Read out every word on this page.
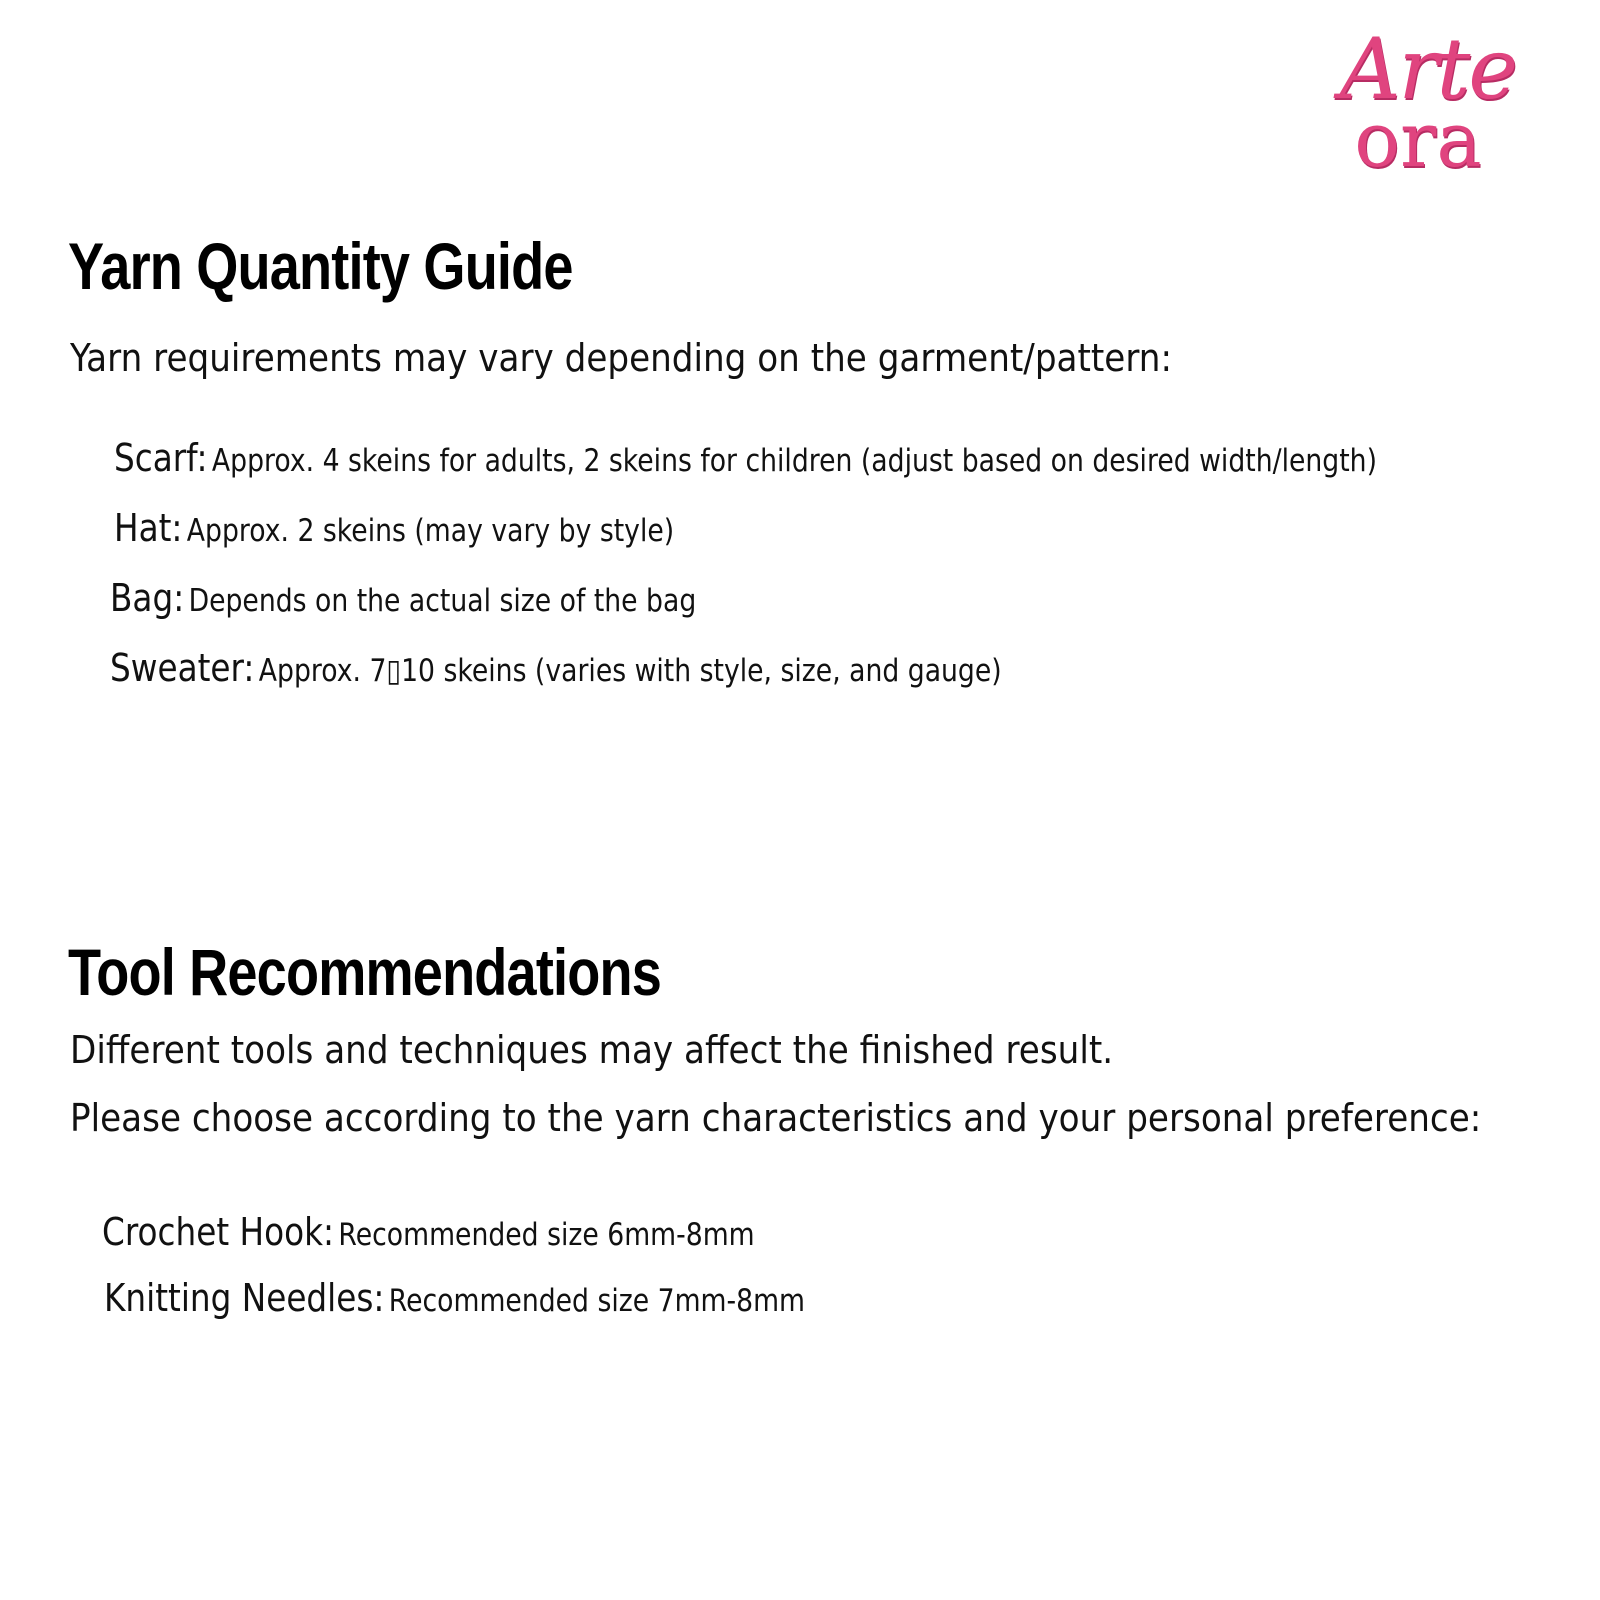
Arte
ora
Yarn Quantity Guide
Yarn requirements may vary depending on the garment/pattern:
Scarf: Approx. 4 skeins for adults, 2 skeins for children (adjust based on desired width/length)
Hat: Approx. 2 skeins (may vary by style)
Bag: Depends on the actual size of the bag
Sweater: Approx. 7▯10 skeins (varies with style, size, and gauge)
Tool Recommendations
Different tools and techniques may affect the finished result.
Please choose according to the yarn characteristics and your personal preference:
Crochet Hook: Recommended size 6mm-8mm
Knitting Needles: Recommended size 7mm-8mm
